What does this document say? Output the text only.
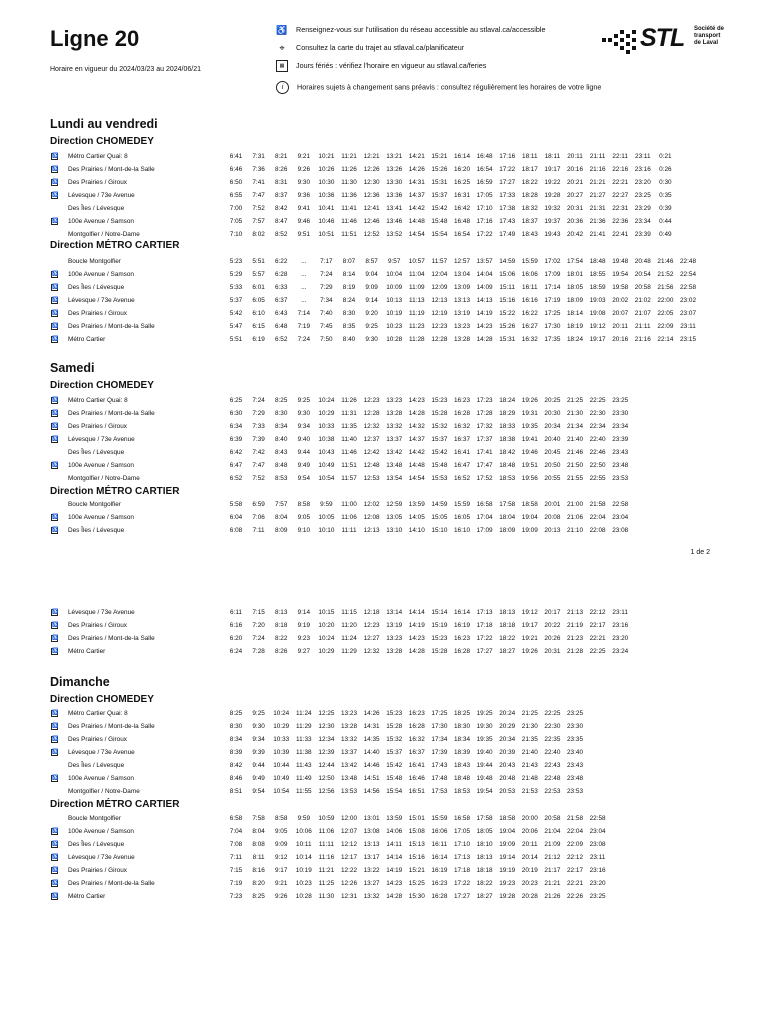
Ligne 20
Horaire en vigueur du 2024/03/23 au 2024/06/21
♿ Renseignez-vous sur l'utilisation du réseau accessible au stlaval.ca/accessible
⌖ Consultez la carte du trajet au stlaval.ca/planificateur
▦ Jours fériés : vérifiez l'horaire en vigueur au stlaval.ca/feries
i Horaires sujets à changement sans préavis : consultez régulièrement les horaires de votre ligne
STL Société de
transport
de Laval
Lundi au vendredi
Direction CHOMEDEY
♿ Métro Cartier Quai: 8	6:41	7:31	8:21	9:21	10:21	11:21	12:21	13:21	14:21	15:21	16:14	16:48	17:16	18:11	18:11	20:11	21:11	22:11	23:11	0:21
♿ Des Prairies / Mont-de-la Salle	6:46	7:36	8:26	9:26	10:26	11:26	12:26	13:26	14:26	15:26	16:20	16:54	17:22	18:17	19:17	20:16	21:16	22:16	23:16	0:26
♿ Des Prairies / Giroux	6:50	7:41	8:31	9:30	10:30	11:30	12:30	13:30	14:31	15:31	16:25	16:59	17:27	18:22	19:22	20:21	21:21	22:21	23:20	0:30
♿ Lévesque / 73e Avenue	6:55	7:47	8:37	9:36	10:36	11:36	12:36	13:36	14:37	15:37	16:31	17:05	17:33	18:28	19:28	20:27	21:27	22:27	23:25	0:35
Des Îles / Lévesque	7:00	7:52	8:42	9:41	10:41	11:41	12:41	13:41	14:42	15:42	16:42	17:10	17:38	18:32	19:32	20:31	21:31	22:31	23:29	0:39
♿ 100e Avenue / Samson	7:05	7:57	8:47	9:46	10:46	11:46	12:46	13:46	14:48	15:48	16:48	17:16	17:43	18:37	19:37	20:36	21:36	22:36	23:34	0:44
Montgolfier / Notre-Dame	7:10	8:02	8:52	9:51	10:51	11:51	12:52	13:52	14:54	15:54	16:54	17:22	17:49	18:43	19:43	20:42	21:41	22:41	23:39	0:49
Direction MÉTRO CARTIER
Boucle Montgolfier	5:23	5:51	6:22	...	7:17	8:07	8:57	9:57	10:57	11:57	12:57	13:57	14:59	15:59	17:02	17:54	18:48	19:48	20:48	21:46	22:48
♿ 100e Avenue / Samson	5:29	5:57	6:28	...	7:24	8:14	9:04	10:04	11:04	12:04	13:04	14:04	15:06	16:06	17:09	18:01	18:55	19:54	20:54	21:52	22:54
♿ Des Îles / Lévesque	5:33	6:01	6:33	...	7:29	8:19	9:09	10:09	11:09	12:09	13:09	14:09	15:11	16:11	17:14	18:05	18:59	19:58	20:58	21:56	22:58
♿ Lévesque / 73e Avenue	5:37	6:05	6:37	...	7:34	8:24	9:14	10:13	11:13	12:13	13:13	14:13	15:16	16:16	17:19	18:09	19:03	20:02	21:02	22:00	23:02
♿ Des Prairies / Giroux	5:42	6:10	6:43	7:14	7:40	8:30	9:20	10:19	11:19	12:19	13:19	14:19	15:22	16:22	17:25	18:14	19:08	20:07	21:07	22:05	23:07
♿ Des Prairies / Mont-de-la Salle	5:47	6:15	6:48	7:19	7:45	8:35	9:25	10:23	11:23	12:23	13:23	14:23	15:26	16:27	17:30	18:19	19:12	20:11	21:11	22:09	23:11
♿ Métro Cartier	5:51	6:19	6:52	7:24	7:50	8:40	9:30	10:28	11:28	12:28	13:28	14:28	15:31	16:32	17:35	18:24	19:17	20:16	21:16	22:14	23:15
Samedi
Direction CHOMEDEY
♿ Métro Cartier Quai: 8	6:25	7:24	8:25	9:25	10:24	11:26	12:23	13:23	14:23	15:23	16:23	17:23	18:24	19:26	20:25	21:25	22:25	23:25
♿ Des Prairies / Mont-de-la Salle	6:30	7:29	8:30	9:30	10:29	11:31	12:28	13:28	14:28	15:28	16:28	17:28	18:29	19:31	20:30	21:30	22:30	23:30
♿ Des Prairies / Giroux	6:34	7:33	8:34	9:34	10:33	11:35	12:32	13:32	14:32	15:32	16:32	17:32	18:33	19:35	20:34	21:34	22:34	23:34
♿ Lévesque / 73e Avenue	6:39	7:39	8:40	9:40	10:38	11:40	12:37	13:37	14:37	15:37	16:37	17:37	18:38	19:41	20:40	21:40	22:40	23:39
Des Îles / Lévesque	6:42	7:42	8:43	9:44	10:43	11:46	12:42	13:42	14:42	15:42	16:41	17:41	18:42	19:46	20:45	21:46	22:46	23:43
♿ 100e Avenue / Samson	6:47	7:47	8:48	9:49	10:49	11:51	12:48	13:48	14:48	15:48	16:47	17:47	18:48	19:51	20:50	21:50	22:50	23:48
Montgolfier / Notre-Dame	6:52	7:52	8:53	9:54	10:54	11:57	12:53	13:54	14:54	15:53	16:52	17:52	18:53	19:56	20:55	21:55	22:55	23:53
Direction MÉTRO CARTIER
Boucle Montgolfier	5:58	6:59	7:57	8:58	9:59	11:00	12:02	12:59	13:59	14:59	15:59	16:58	17:58	18:58	20:01	21:00	21:58	22:58
♿ 100e Avenue / Samson	6:04	7:06	8:04	9:05	10:05	11:06	12:08	13:05	14:05	15:05	16:05	17:04	18:04	19:04	20:08	21:06	22:04	23:04
♿ Des Îles / Lévesque	6:08	7:11	8:09	9:10	10:10	11:11	12:13	13:10	14:10	15:10	16:10	17:09	18:09	19:09	20:13	21:10	22:08	23:08
♿ Lévesque / 73e Avenue	6:11	7:15	8:13	9:14	10:15	11:15	12:18	13:14	14:14	15:14	16:14	17:13	18:13	19:12	20:17	21:13	22:12	23:11
♿ Des Prairies / Giroux	6:16	7:20	8:18	9:19	10:20	11:20	12:23	13:19	14:19	15:19	16:19	17:18	18:18	19:17	20:22	21:19	22:17	23:16
♿ Des Prairies / Mont-de-la Salle	6:20	7:24	8:22	9:23	10:24	11:24	12:27	13:23	14:23	15:23	16:23	17:22	18:22	19:21	20:26	21:23	22:21	23:20
♿ Métro Cartier	6:24	7:28	8:26	9:27	10:29	11:29	12:32	13:28	14:28	15:28	16:28	17:27	18:27	19:26	20:31	21:28	22:25	23:24
Dimanche
Direction CHOMEDEY
♿ Métro Cartier Quai: 8	8:25	9:25	10:24	11:24	12:25	13:23	14:26	15:23	16:23	17:25	18:25	19:25	20:24	21:25	22:25	23:25
♿ Des Prairies / Mont-de-la Salle	8:30	9:30	10:29	11:29	12:30	13:28	14:31	15:28	16:28	17:30	18:30	19:30	20:29	21:30	22:30	23:30
♿ Des Prairies / Giroux	8:34	9:34	10:33	11:33	12:34	13:32	14:35	15:32	16:32	17:34	18:34	19:35	20:34	21:35	22:35	23:35
♿ Lévesque / 73e Avenue	8:39	9:39	10:39	11:38	12:39	13:37	14:40	15:37	16:37	17:39	18:39	19:40	20:39	21:40	22:40	23:40
Des Îles / Lévesque	8:42	9:44	10:44	11:43	12:44	13:42	14:46	15:42	16:41	17:43	18:43	19:44	20:43	21:43	22:43	23:43
♿ 100e Avenue / Samson	8:46	9:49	10:49	11:49	12:50	13:48	14:51	15:48	16:46	17:48	18:48	19:48	20:48	21:48	22:48	23:48
Montgolfier / Notre-Dame	8:51	9:54	10:54	11:55	12:56	13:53	14:56	15:54	16:51	17:53	18:53	19:54	20:53	21:53	22:53	23:53
Direction MÉTRO CARTIER
Boucle Montgolfier	6:58	7:58	8:58	9:59	10:59	12:00	13:01	13:59	15:01	15:59	16:58	17:58	18:58	20:00	20:58	21:58	22:58
♿ 100e Avenue / Samson	7:04	8:04	9:05	10:06	11:06	12:07	13:08	14:06	15:08	16:06	17:05	18:05	19:04	20:06	21:04	22:04	23:04
♿ Des Îles / Lévesque	7:08	8:08	9:09	10:11	11:11	12:12	13:13	14:11	15:13	16:11	17:10	18:10	19:09	20:11	21:09	22:09	23:08
♿ Lévesque / 73e Avenue	7:11	8:11	9:12	10:14	11:16	12:17	13:17	14:14	15:16	16:14	17:13	18:13	19:14	20:14	21:12	22:12	23:11
♿ Des Prairies / Giroux	7:15	8:16	9:17	10:19	11:21	12:22	13:22	14:19	15:21	16:19	17:18	18:18	19:19	20:19	21:17	22:17	23:16
♿ Des Prairies / Mont-de-la Salle	7:19	8:20	9:21	10:23	11:25	12:26	13:27	14:23	15:25	16:23	17:22	18:22	19:23	20:23	21:21	22:21	23:20
♿ Métro Cartier	7:23	8:25	9:26	10:28	11:30	12:31	13:32	14:28	15:30	16:28	17:27	18:27	19:28	20:28	21:26	22:26	23:25
1 de 2
